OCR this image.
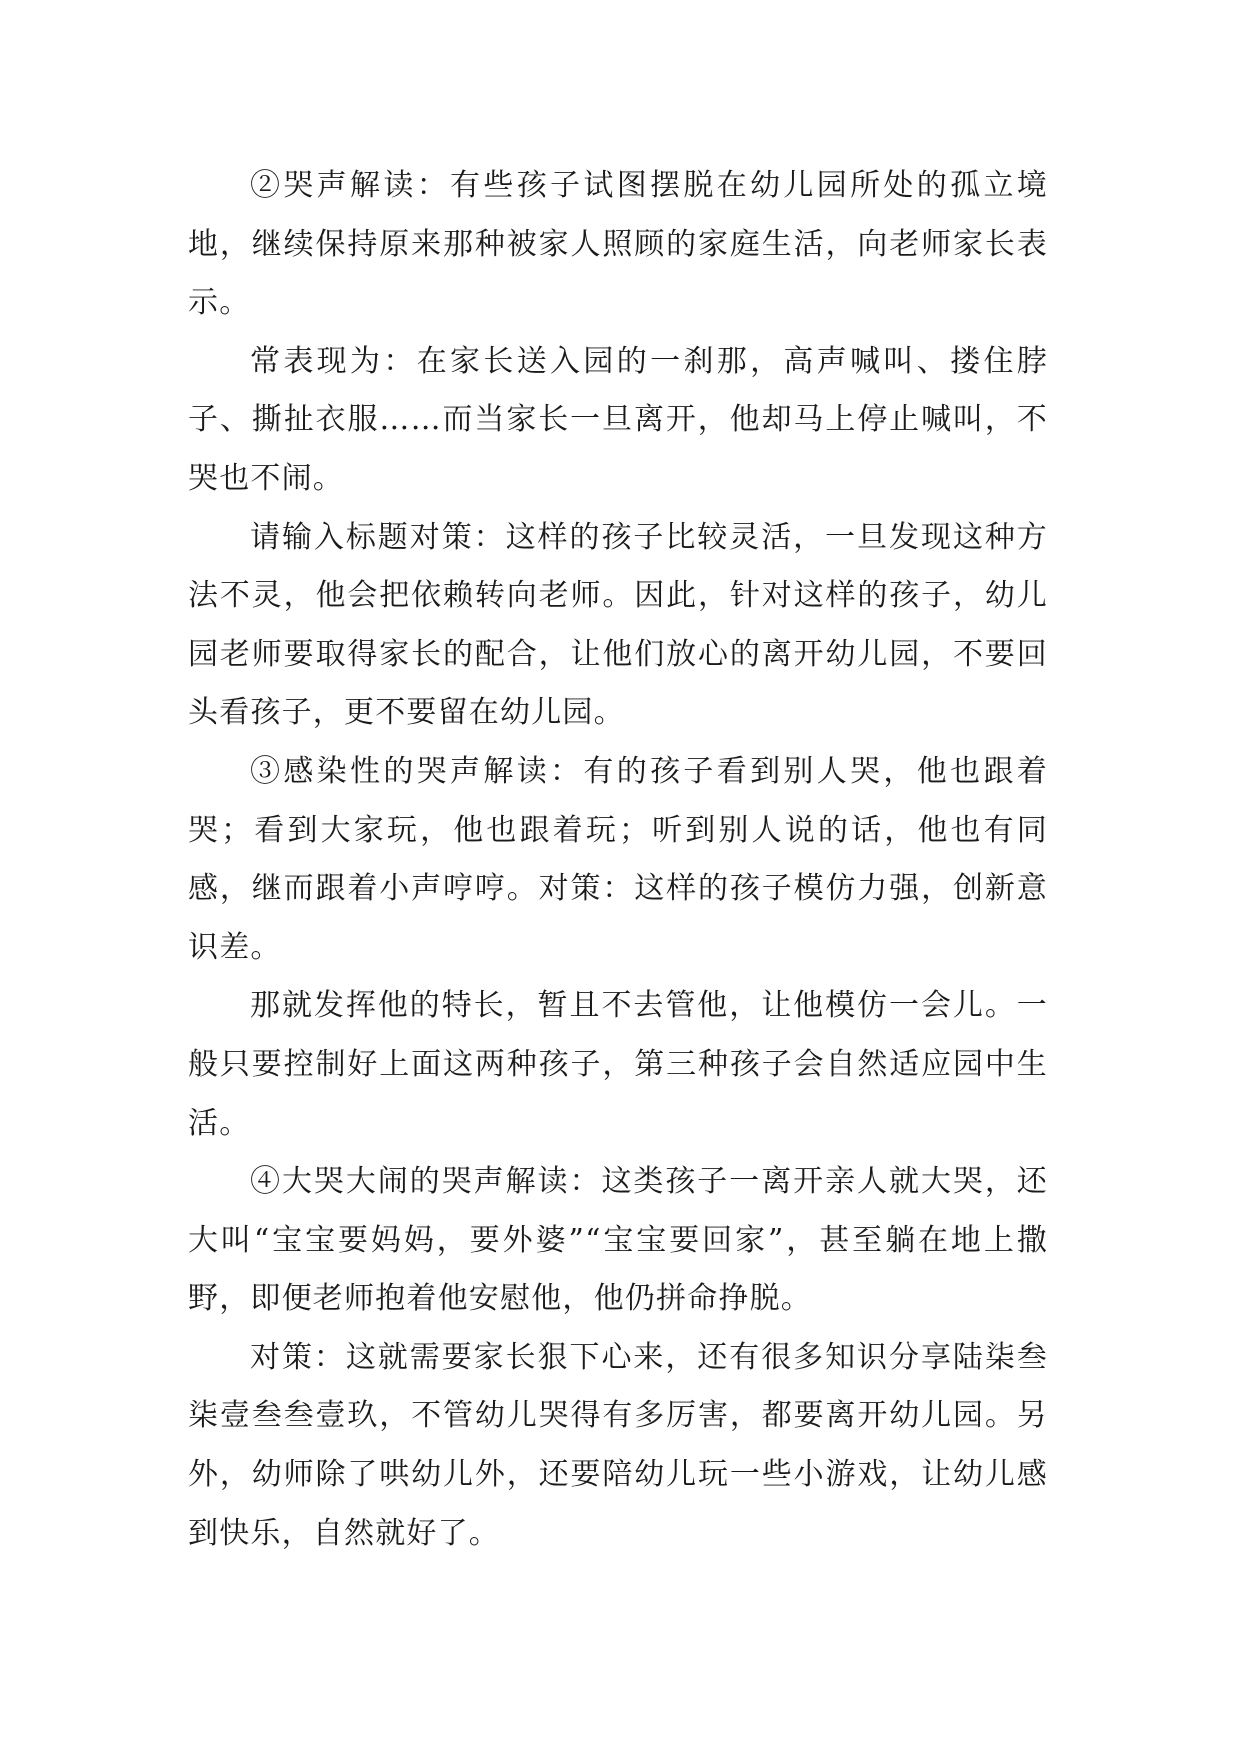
②哭声解读：有些孩子试图摆脱在幼儿园所处的孤立境地，继续保持原来那种被家人照顾的家庭生活，向老师家长表示。

常表现为：在家长送入园的一刹那，高声喊叫、搂住脖子、撕扯衣服……而当家长一旦离开，他却马上停止喊叫，不哭也不闹。

请输入标题对策：这样的孩子比较灵活，一旦发现这种方法不灵，他会把依赖转向老师。因此，针对这样的孩子，幼儿园老师要取得家长的配合，让他们放心的离开幼儿园，不要回头看孩子，更不要留在幼儿园。

③感染性的哭声解读：有的孩子看到别人哭，他也跟着哭；看到大家玩，他也跟着玩；听到别人说的话，他也有同感，继而跟着小声哼哼。对策：这样的孩子模仿力强，创新意识差。

那就发挥他的特长，暂且不去管他，让他模仿一会儿。一般只要控制好上面这两种孩子，第三种孩子会自然适应园中生活。

④大哭大闹的哭声解读：这类孩子一离开亲人就大哭，还大叫“宝宝要妈妈，要外婆”“宝宝要回家”，甚至躺在地上撒野，即便老师抱着他安慰他，他仍拼命挣脱。

对策：这就需要家长狠下心来，还有很多知识分享陆柒叁柒壹叁叁壹玖，不管幼儿哭得有多厉害，都要离开幼儿园。另外，幼师除了哄幼儿外，还要陪幼儿玩一些小游戏，让幼儿感到快乐，自然就好了。
